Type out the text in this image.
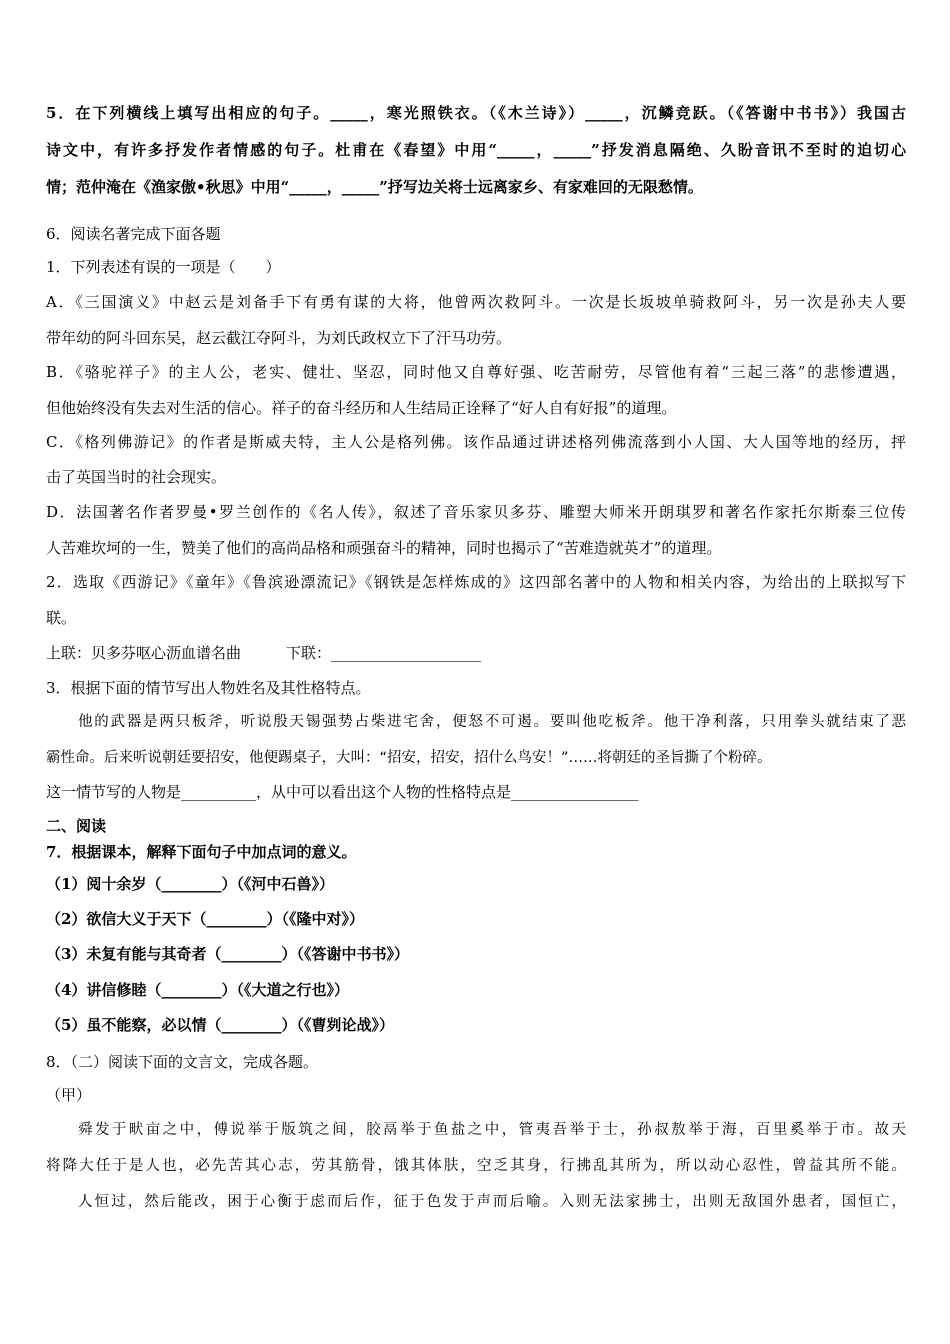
5．在下列横线上填写出相应的句子。_____，寒光照铁衣。（《木兰诗》）_____，沉鳞竞跃。（《答谢中书书》）我国古
诗文中，有许多抒发作者情感的句子。杜甫在《春望》中用“_____，_____”抒发消息隔绝、久盼音讯不至时的迫切心
情；范仲淹在《渔家傲•秋思》中用“_____，_____”抒写边关将士远离家乡、有家难回的无限愁情。
6．阅读名著完成下面各题
1．下列表述有误的一项是（　　）
A．《三国演义》中赵云是刘备手下有勇有谋的大将，他曾两次救阿斗。一次是长坂坡单骑救阿斗，另一次是孙夫人要
带年幼的阿斗回东吴，赵云截江夺阿斗，为刘氏政权立下了汗马功劳。
B．《骆驼祥子》的主人公，老实、健壮、坚忍，同时他又自尊好强、吃苦耐劳，尽管他有着“三起三落”的悲惨遭遇，
但他始终没有失去对生活的信心。祥子的奋斗经历和人生结局正诠释了“好人自有好报”的道理。
C．《格列佛游记》的作者是斯威夫特，主人公是格列佛。该作品通过讲述格列佛流落到小人国、大人国等地的经历，抨
击了英国当时的社会现实。
D．法国著名作者罗曼•罗兰创作的《名人传》，叙述了音乐家贝多芬、雕塑大师米开朗琪罗和著名作家托尔斯泰三位传
人苦难坎坷的一生，赞美了他们的高尚品格和顽强奋斗的精神，同时也揭示了“苦难造就英才”的道理。
2．选取《西游记》《童年》《鲁滨逊漂流记》《钢铁是怎样炼成的》这四部名著中的人物和相关内容，为给出的上联拟写下
联。
上联：贝多芬呕心沥血谱名曲　　　下联：____________________
3．根据下面的情节写出人物姓名及其性格特点。
他的武器是两只板斧，听说殷天锡强势占柴进宅舍，便怒不可遏。要叫他吃板斧。他干净利落，只用拳头就结束了恶
霸性命。后来听说朝廷要招安，他便踢桌子，大叫：“招安，招安，招什么鸟安！”……将朝廷的圣旨撕了个粉碎。
这一情节写的人物是__________，从中可以看出这个人物的性格特点是_________________
二、阅读
7．根据课本，解释下面句子中加点词的意义。
（1）阅十余岁（________）（《河中石兽》）
（2）欲信大义于天下（________）（《隆中对》）
（3）未复有能与其奇者（________）（《答谢中书书》）
（4）讲信修睦（________）（《大道之行也》）
（5）虽不能察，必以情（________）（《曹刿论战》）
8．（二）阅读下面的文言文，完成各题。
（甲）
舜发于畎亩之中，傅说举于版筑之间，胶鬲举于鱼盐之中，管夷吾举于士，孙叔敖举于海，百里奚举于市。故天
将降大任于是人也，必先苦其心志，劳其筋骨，饿其体肤，空乏其身，行拂乱其所为，所以动心忍性，曾益其所不能。
人恒过，然后能改，困于心衡于虑而后作，征于色发于声而后喻。入则无法家拂士，出则无敌国外患者，国恒亡，
